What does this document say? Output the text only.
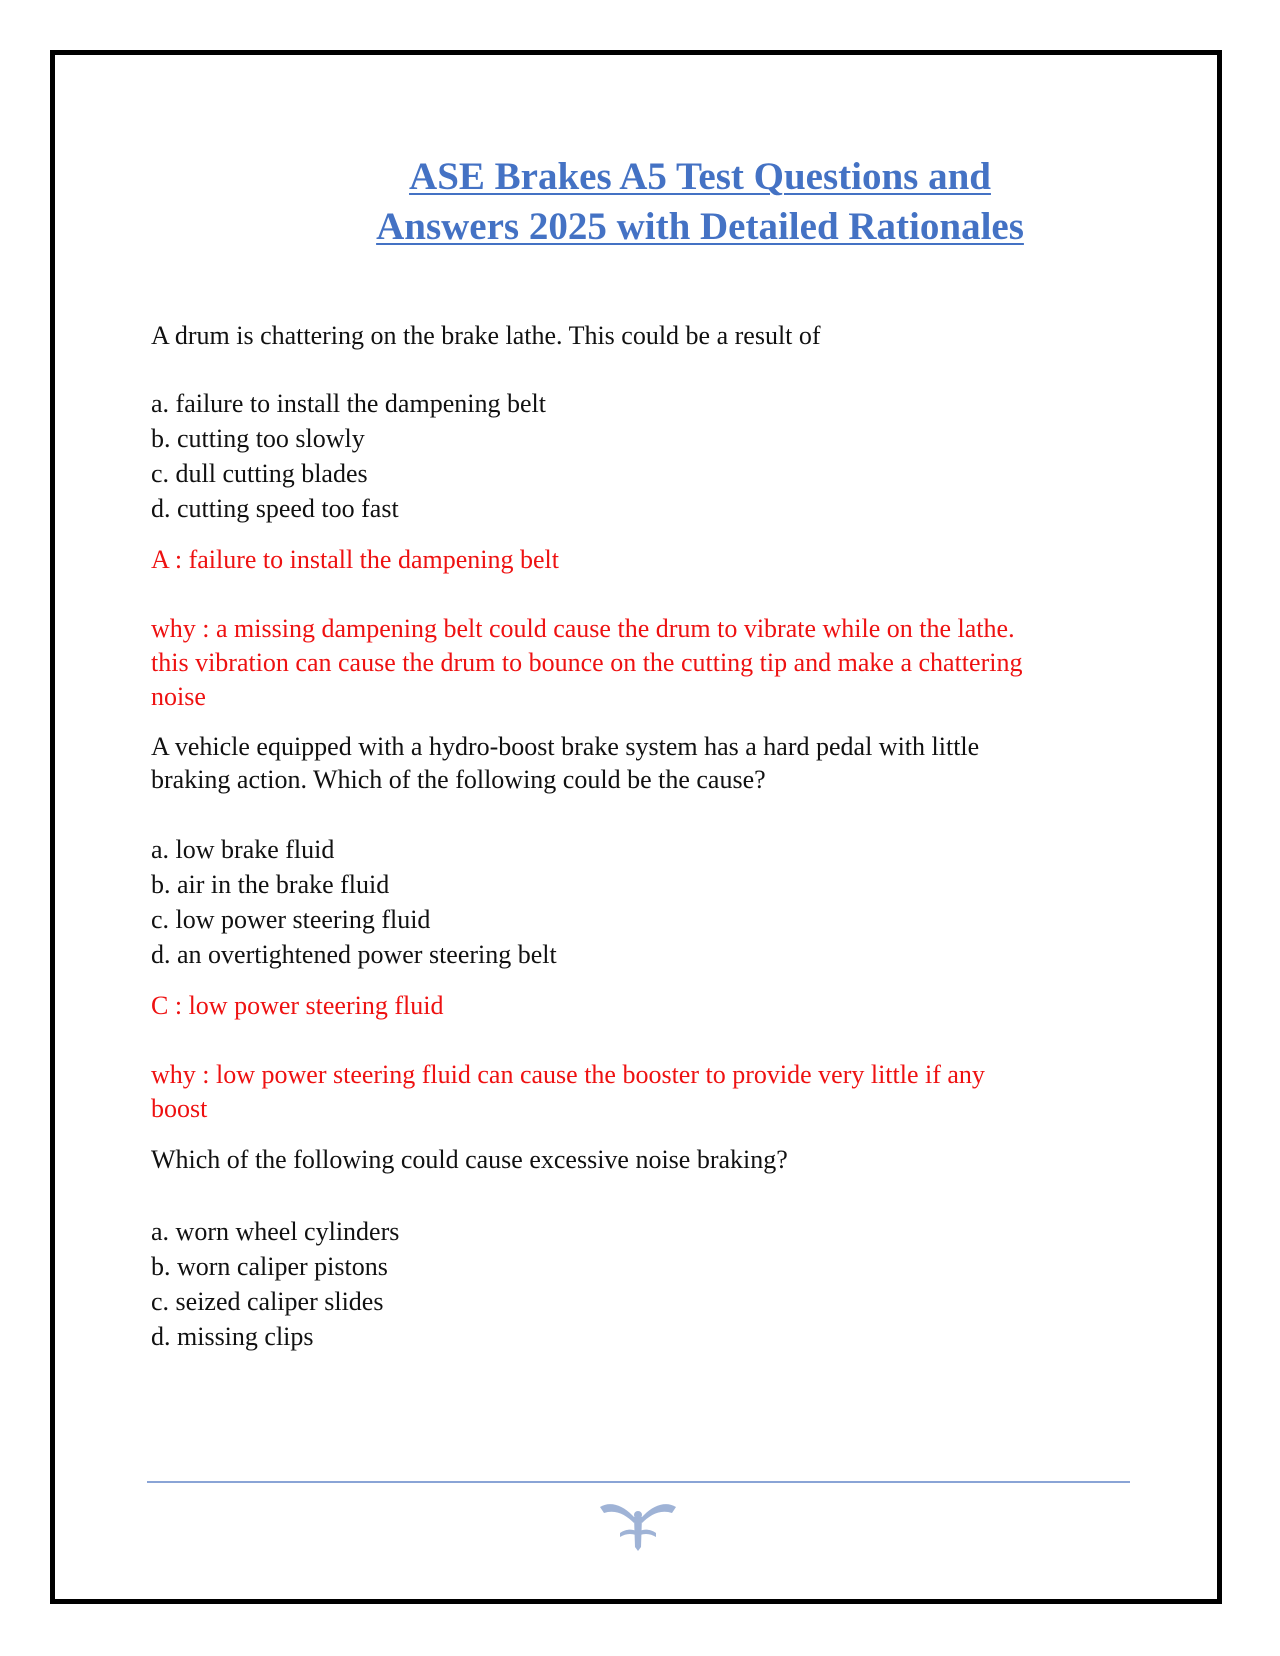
ASE Brakes A5 Test Questions and
Answers 2025 with Detailed Rationales

A drum is chattering on the brake lathe. This could be a result of

a. failure to install the dampening belt
b. cutting too slowly
c. dull cutting blades
d. cutting speed too fast

A : failure to install the dampening belt

why : a missing dampening belt could cause the drum to vibrate while on the lathe. this vibration can cause the drum to bounce on the cutting tip and make a chattering noise

A vehicle equipped with a hydro-boost brake system has a hard pedal with little braking action. Which of the following could be the cause?

a. low brake fluid
b. air in the brake fluid
c. low power steering fluid
d. an overtightened power steering belt

C : low power steering fluid

why : low power steering fluid can cause the booster to provide very little if any boost

Which of the following could cause excessive noise braking?

a. worn wheel cylinders
b. worn caliper pistons
c. seized caliper slides
d. missing clips
